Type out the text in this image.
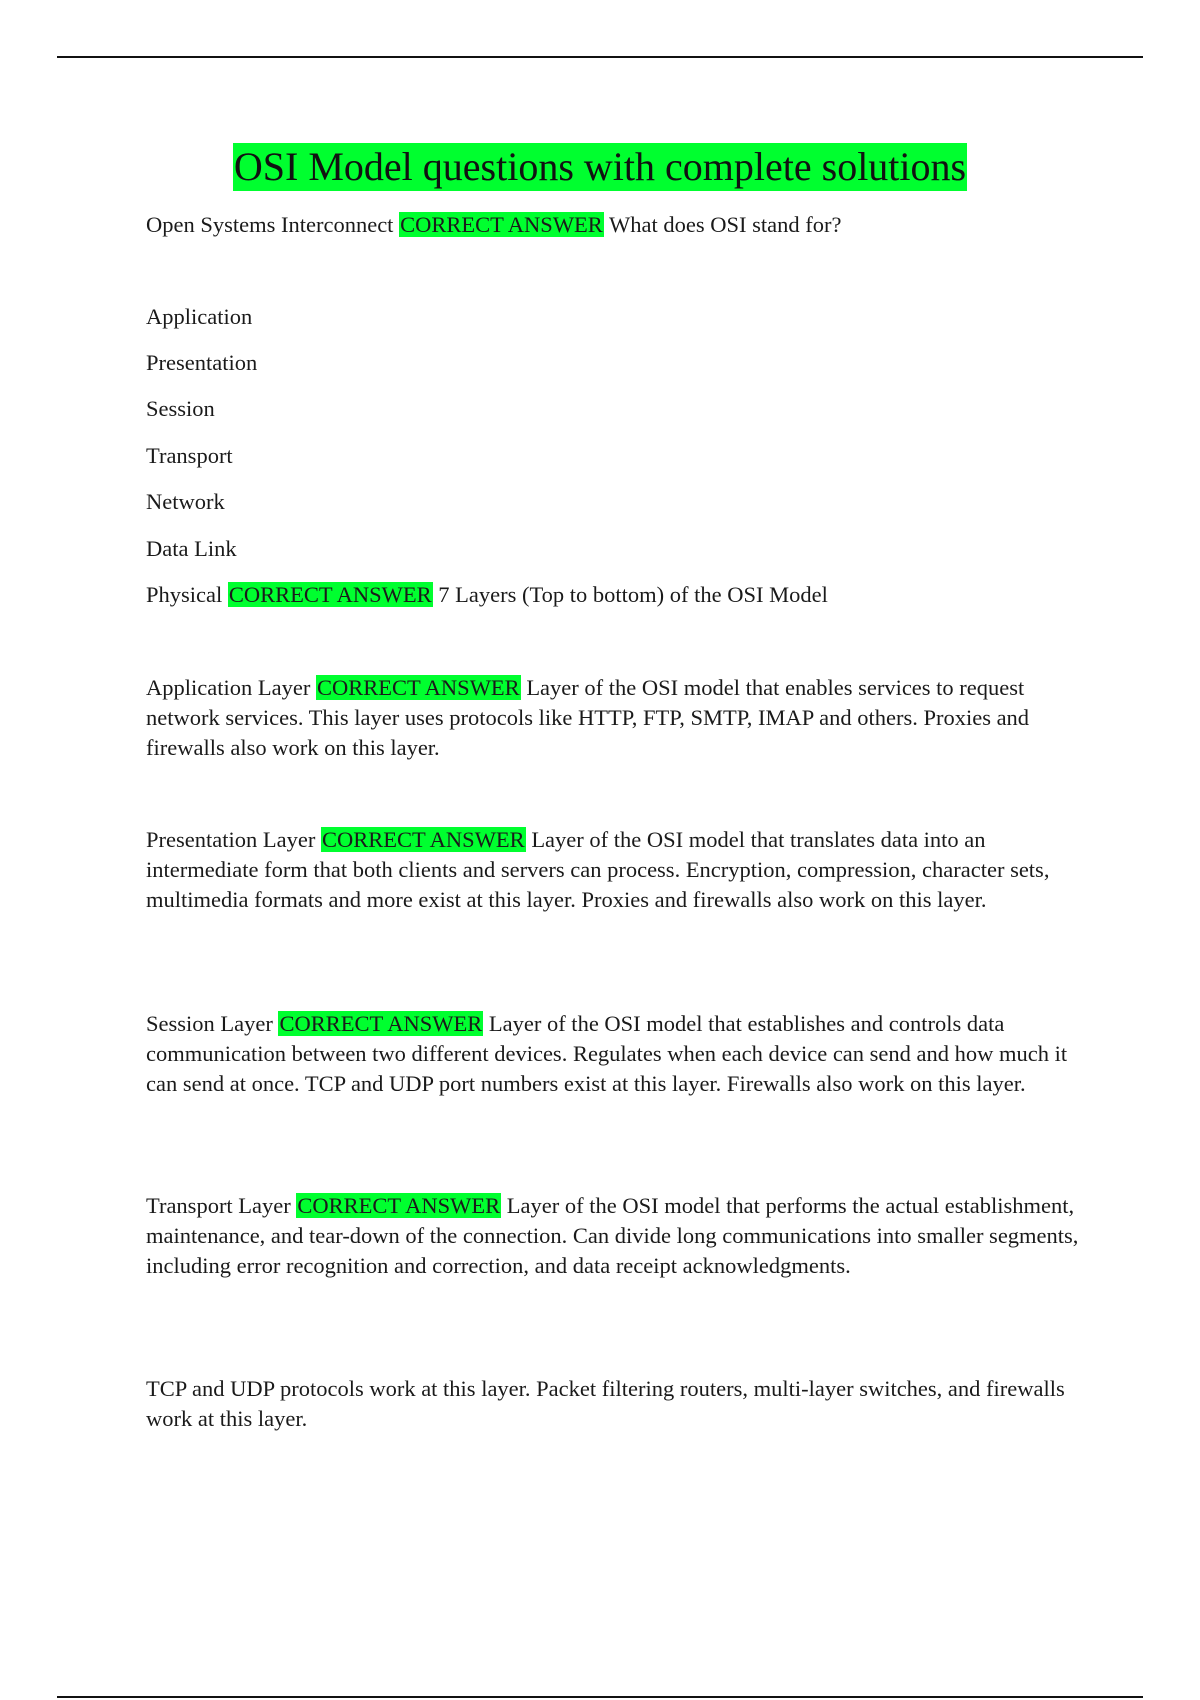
OSI Model questions with complete solutions

Open Systems Interconnect CORRECT ANSWER What does OSI stand for?

Application

Presentation

Session

Transport

Network

Data Link

Physical CORRECT ANSWER 7 Layers (Top to bottom) of the OSI Model

Application Layer CORRECT ANSWER Layer of the OSI model that enables services to request network services. This layer uses protocols like HTTP, FTP, SMTP, IMAP and others. Proxies and firewalls also work on this layer.

Presentation Layer CORRECT ANSWER Layer of the OSI model that translates data into an intermediate form that both clients and servers can process. Encryption, compression, character sets, multimedia formats and more exist at this layer. Proxies and firewalls also work on this layer.

Session Layer CORRECT ANSWER Layer of the OSI model that establishes and controls data communication between two different devices. Regulates when each device can send and how much it can send at once. TCP and UDP port numbers exist at this layer. Firewalls also work on this layer.

Transport Layer CORRECT ANSWER Layer of the OSI model that performs the actual establishment, maintenance, and tear-down of the connection. Can divide long communications into smaller segments, including error recognition and correction, and data receipt acknowledgments.

TCP and UDP protocols work at this layer. Packet filtering routers, multi-layer switches, and firewalls work at this layer.
